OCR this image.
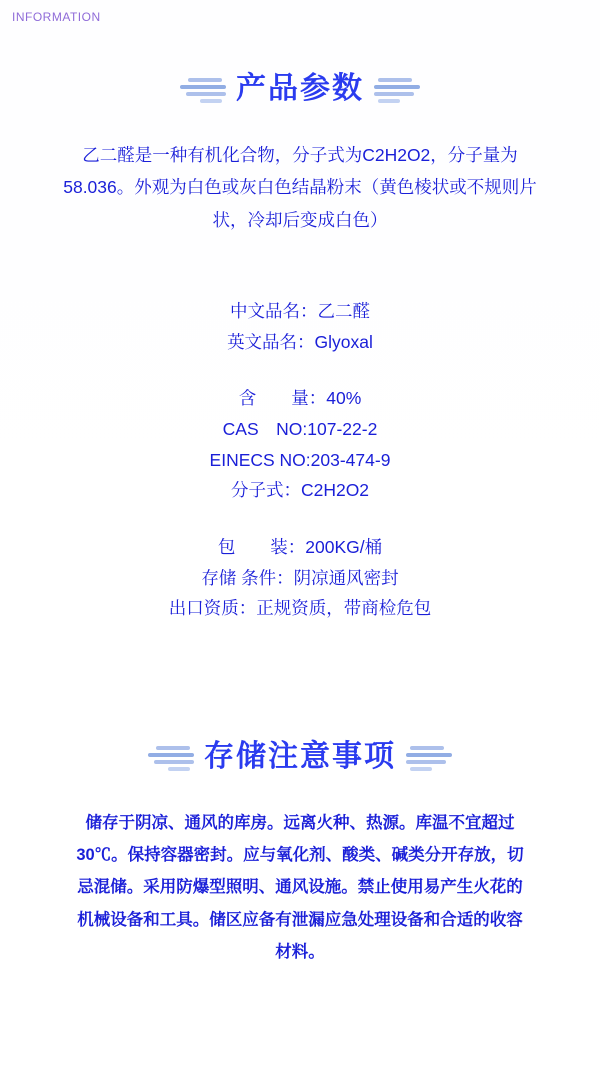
INFORMATION
产品参数
乙二醛是一种有机化合物，分子式为C2H2O2，分子量为58.036。外观为白色或灰白色结晶粉末（黄色棱状或不规则片状，冷却后变成白色）
中文品名：乙二醛
英文品名：Glyoxal
含　　量：40%
CAS　NO:107-22-2
EINECS NO:203-474-9
分子式：C2H2O2
包　　装：200KG/桶
存储 条件：阴凉通风密封
出口资质：正规资质，带商检危包
存储注意事项
储存于阴凉、通风的库房。远离火种、热源。库温不宜超过30℃。保持容器密封。应与氧化剂、酸类、碱类分开存放，切忌混储。采用防爆型照明、通风设施。禁止使用易产生火花的机械设备和工具。储区应备有泄漏应急处理设备和合适的收容材料。
